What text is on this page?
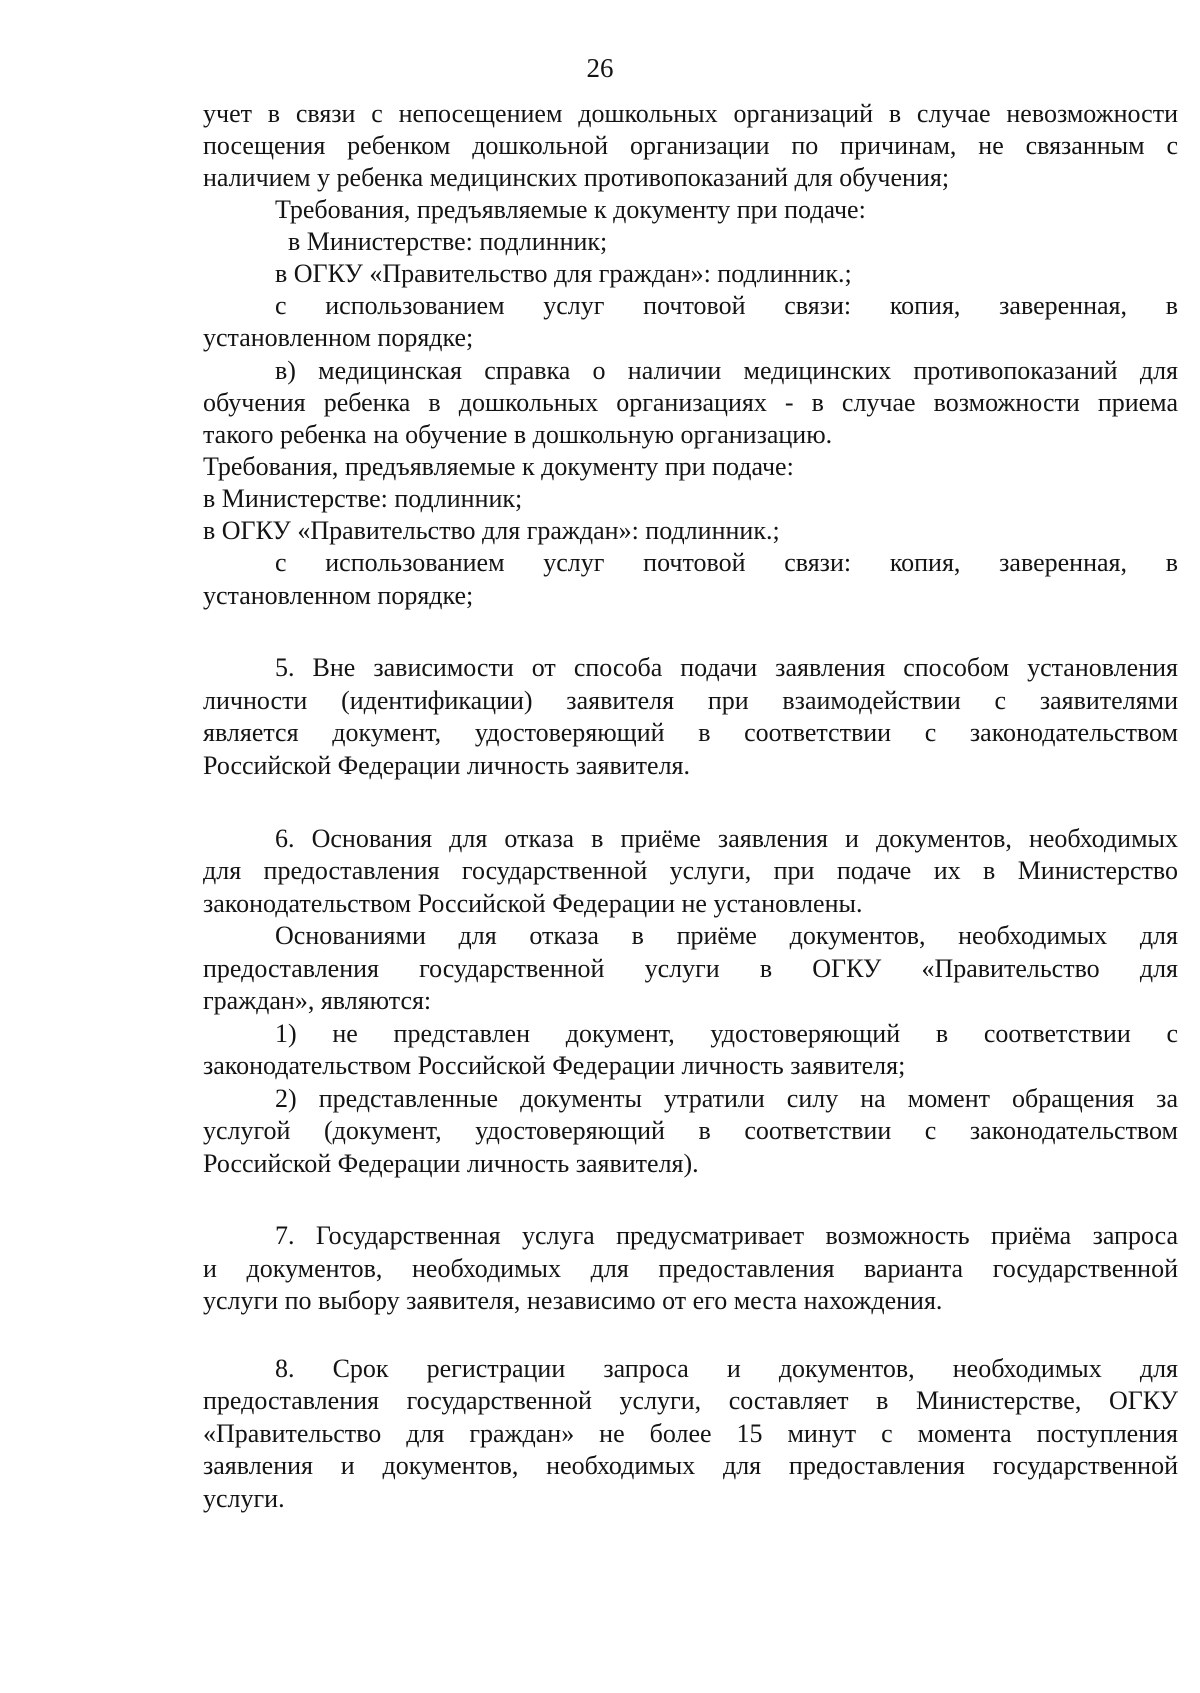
26
учет в связи с непосещением дошкольных организаций в случае невозможности
посещения ребенком дошкольной организации по причинам, не связанным с
наличием у ребенка медицинских противопоказаний для обучения;
Требования, предъявляемые к документу при подаче:
в Министерстве: подлинник;
в ОГКУ «Правительство для граждан»: подлинник.;
с использованием услуг почтовой связи: копия, заверенная, в
установленном порядке;
в) медицинская справка о наличии медицинских противопоказаний для
обучения ребенка в дошкольных организациях - в случае возможности приема
такого ребенка на обучение в дошкольную организацию.
Требования, предъявляемые к документу при подаче:
в Министерстве: подлинник;
в ОГКУ «Правительство для граждан»: подлинник.;
с использованием услуг почтовой связи: копия, заверенная, в
установленном порядке;
5. Вне зависимости от способа подачи заявления способом установления
личности (идентификации) заявителя при взаимодействии с заявителями
является документ, удостоверяющий в соответствии с законодательством
Российской Федерации личность заявителя.
6. Основания для отказа в приёме заявления и документов, необходимых
для предоставления государственной услуги, при подаче их в Министерство
законодательством Российской Федерации не установлены.
Основаниями для отказа в приёме документов, необходимых для
предоставления государственной услуги в ОГКУ «Правительство для
граждан», являются:
1) не представлен документ, удостоверяющий в соответствии с
законодательством Российской Федерации личность заявителя;
2) представленные документы утратили силу на момент обращения за
услугой (документ, удостоверяющий в соответствии с законодательством
Российской Федерации личность заявителя).
7. Государственная услуга предусматривает возможность приёма запроса
и документов, необходимых для предоставления варианта государственной
услуги по выбору заявителя, независимо от его места нахождения.
8. Срок регистрации запроса и документов, необходимых для
предоставления государственной услуги, составляет в Министерстве, ОГКУ
«Правительство для граждан» не более 15 минут с момента поступления
заявления и документов, необходимых для предоставления государственной
услуги.
